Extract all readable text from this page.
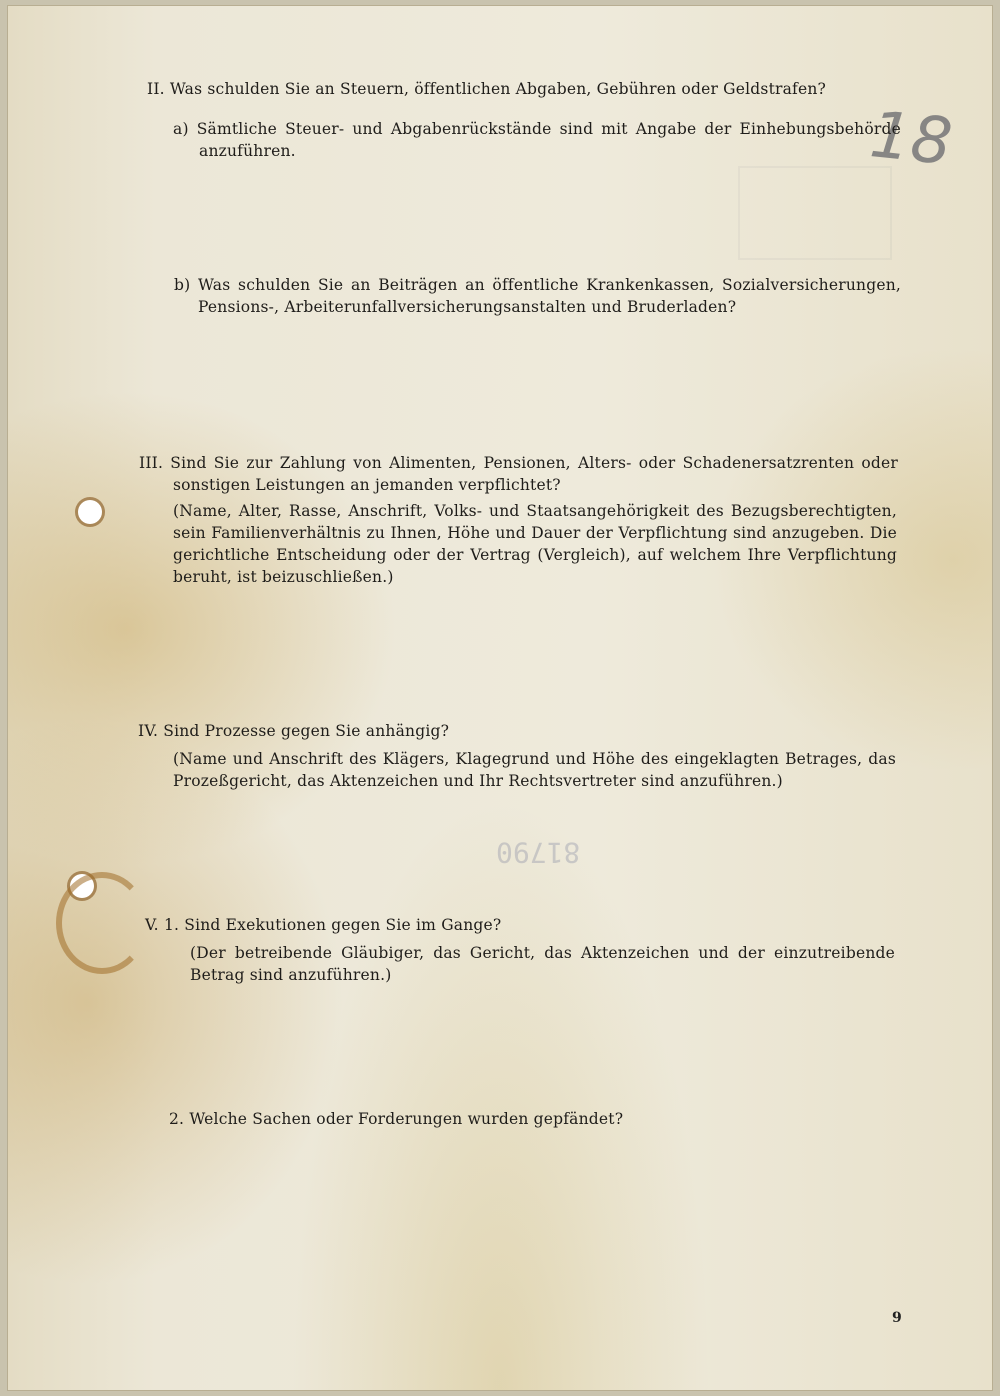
81790
18
II. Was schulden Sie an Steuern, öffentlichen Abgaben, Gebühren oder Geldstrafen?
a) Sämtliche Steuer- und Abgabenrückstände sind mit Angabe der Einhebungsbehörde
anzuführen.
b) Was schulden Sie an Beiträgen an öffentliche Krankenkassen, Sozialversicherungen,
Pensions-, Arbeiterunfallversicherungsanstalten und Bruderladen?
III. Sind Sie zur Zahlung von Alimenten, Pensionen, Alters- oder Schadenersatzrenten oder
sonstigen Leistungen an jemanden verpflichtet?
(Name, Alter, Rasse, Anschrift, Volks- und Staatsangehörigkeit des Bezugsberechtigten,
sein Familienverhältnis zu Ihnen, Höhe und Dauer der Verpflichtung sind anzugeben. Die
gerichtliche Entscheidung oder der Vertrag (Vergleich), auf welchem Ihre Verpflichtung
beruht, ist beizuschließen.)
IV. Sind Prozesse gegen Sie anhängig?
(Name und Anschrift des Klägers, Klagegrund und Höhe des eingeklagten Betrages, das
Prozeßgericht, das Aktenzeichen und Ihr Rechtsvertreter sind anzuführen.)
V. 1. Sind Exekutionen gegen Sie im Gange?
(Der betreibende Gläubiger, das Gericht, das Aktenzeichen und der einzutreibende
Betrag sind anzuführen.)
2. Welche Sachen oder Forderungen wurden gepfändet?
9
